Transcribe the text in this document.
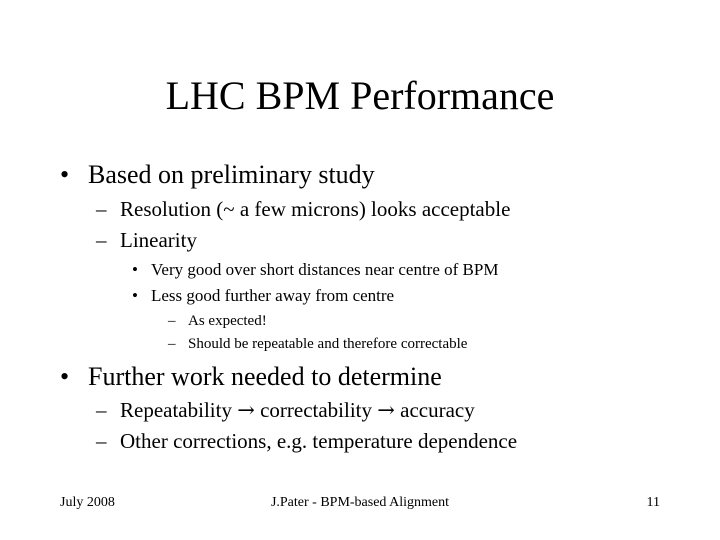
LHC BPM Performance
• Based on preliminary study
– Resolution (~ a few microns) looks acceptable
– Linearity
• Very good over short distances near centre of BPM
• Less good further away from centre
– As expected!
– Should be repeatable and therefore correctable
• Further work needed to determine
– Repeatability → correctability → accuracy
– Other corrections, e.g. temperature dependence
July 2008	J.Pater - BPM-based Alignment	11
